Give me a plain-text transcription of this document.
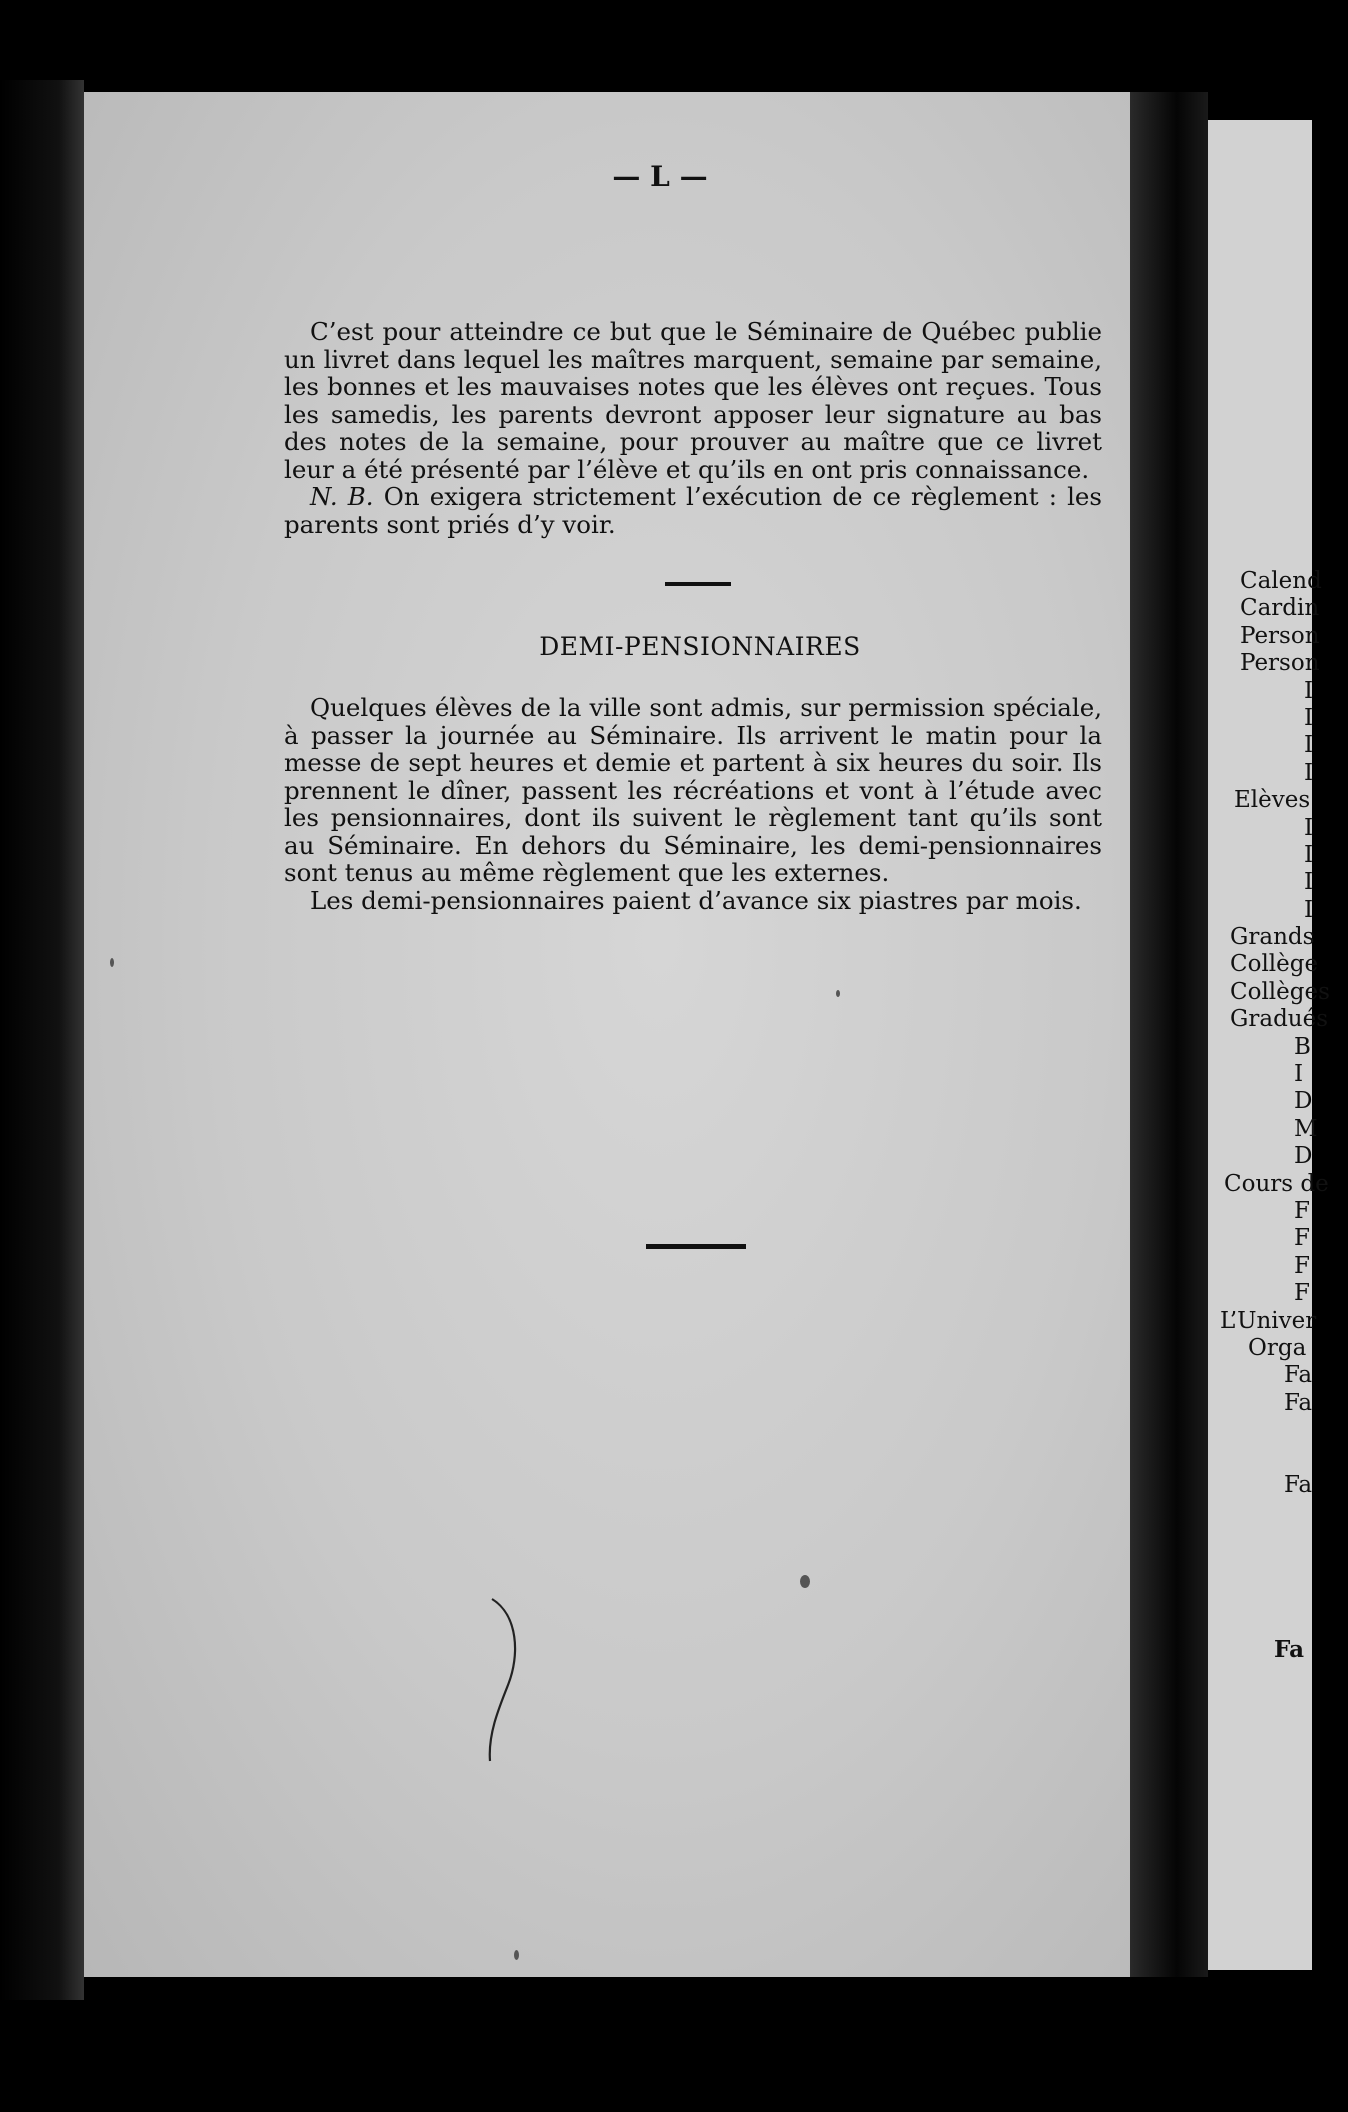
— L —

C’est pour atteindre ce but que le Séminaire de Québec publie un livret dans lequel les maîtres marquent, semaine par semaine, les bonnes et les mauvaises notes que les élèves ont reçues. Tous les samedis, les parents devront apposer leur signature au bas des notes de la semaine, pour prouver au maître que ce livret leur a été présenté par l’élève et qu’ils en ont pris connaissance.

N. B. On exigera strictement l’exécution de ce règlement : les parents sont priés d’y voir.

DEMI-PENSIONNAIRES

Quelques élèves de la ville sont admis, sur permission spéciale, à passer la journée au Séminaire. Ils arrivent le matin pour la messe de sept heures et demie et partent à six heures du soir. Ils prennent le dîner, passent les récréations et vont à l’étude avec les pensionnaires, dont ils suivent le règlement tant qu’ils sont au Séminaire. En dehors du Séminaire, les demi-pensionnaires sont tenus au même règlement que les externes.

Les demi-pensionnaires paient d’avance six piastres par mois.

Calend
Cardin
Person
Person
I
I
I
I
Elèves
I
I
I
I
Grands
Collège
Collèges
Gradués
B
I
D
M
D
Cours de
F
F
F
F
L’Univer
Orga
Fa
Fa
Fa
Fa
